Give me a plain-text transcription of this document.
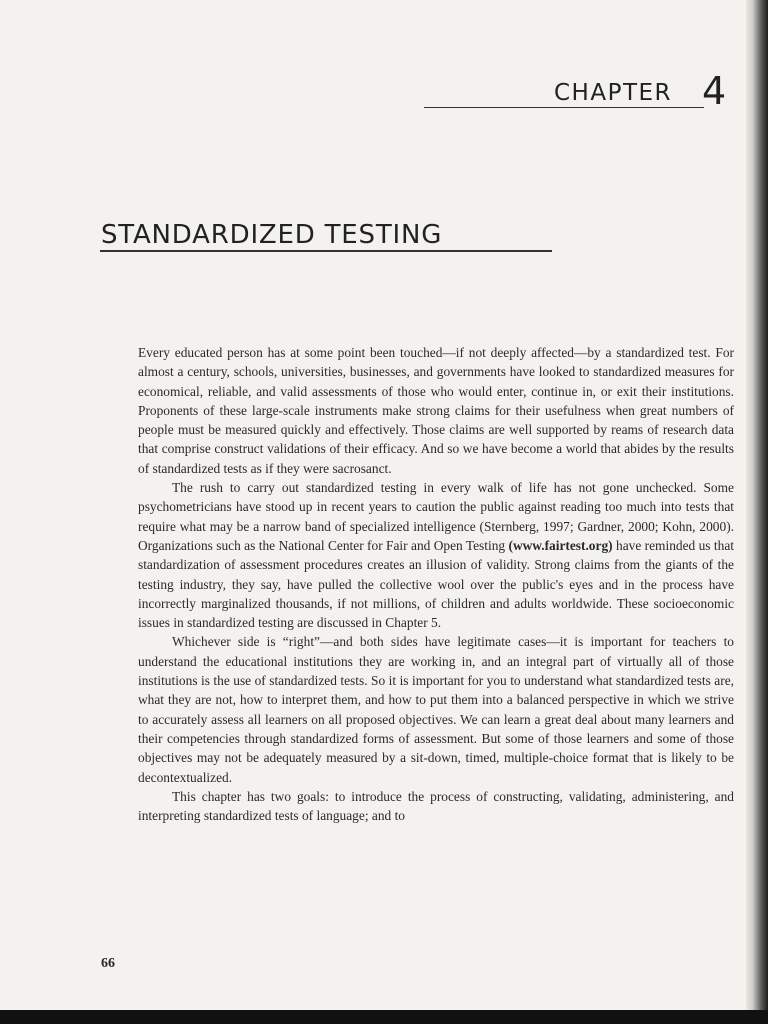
CHAPTER 4
STANDARDIZED TESTING

Every educated person has at some point been touched—if not deeply affected—by a standardized test. For almost a century, schools, universities, businesses, and governments have looked to standardized measures for economical, reliable, and valid assessments of those who would enter, continue in, or exit their institutions. Proponents of these large-scale instruments make strong claims for their usefulness when great numbers of people must be measured quickly and effectively. Those claims are well supported by reams of research data that comprise construct validations of their efficacy. And so we have become a world that abides by the results of standardized tests as if they were sacrosanct.

The rush to carry out standardized testing in every walk of life has not gone unchecked. Some psychometricians have stood up in recent years to caution the public against reading too much into tests that require what may be a narrow band of specialized intelligence (Sternberg, 1997; Gardner, 2000; Kohn, 2000). Organizations such as the National Center for Fair and Open Testing (www.fairtest.org) have reminded us that standardization of assessment procedures creates an illusion of validity. Strong claims from the giants of the testing industry, they say, have pulled the collective wool over the public's eyes and in the process have incorrectly marginalized thousands, if not millions, of children and adults worldwide. These socioeconomic issues in standardized testing are discussed in Chapter 5.

Whichever side is “right”—and both sides have legitimate cases—it is important for teachers to understand the educational institutions they are working in, and an integral part of virtually all of those institutions is the use of standardized tests. So it is important for you to understand what standardized tests are, what they are not, how to interpret them, and how to put them into a balanced perspective in which we strive to accurately assess all learners on all proposed objectives. We can learn a great deal about many learners and their competencies through standardized forms of assessment. But some of those learners and some of those objectives may not be adequately measured by a sit-down, timed, multiple-choice format that is likely to be decontextualized.

This chapter has two goals: to introduce the process of constructing, validating, administering, and interpreting standardized tests of language; and to

66
